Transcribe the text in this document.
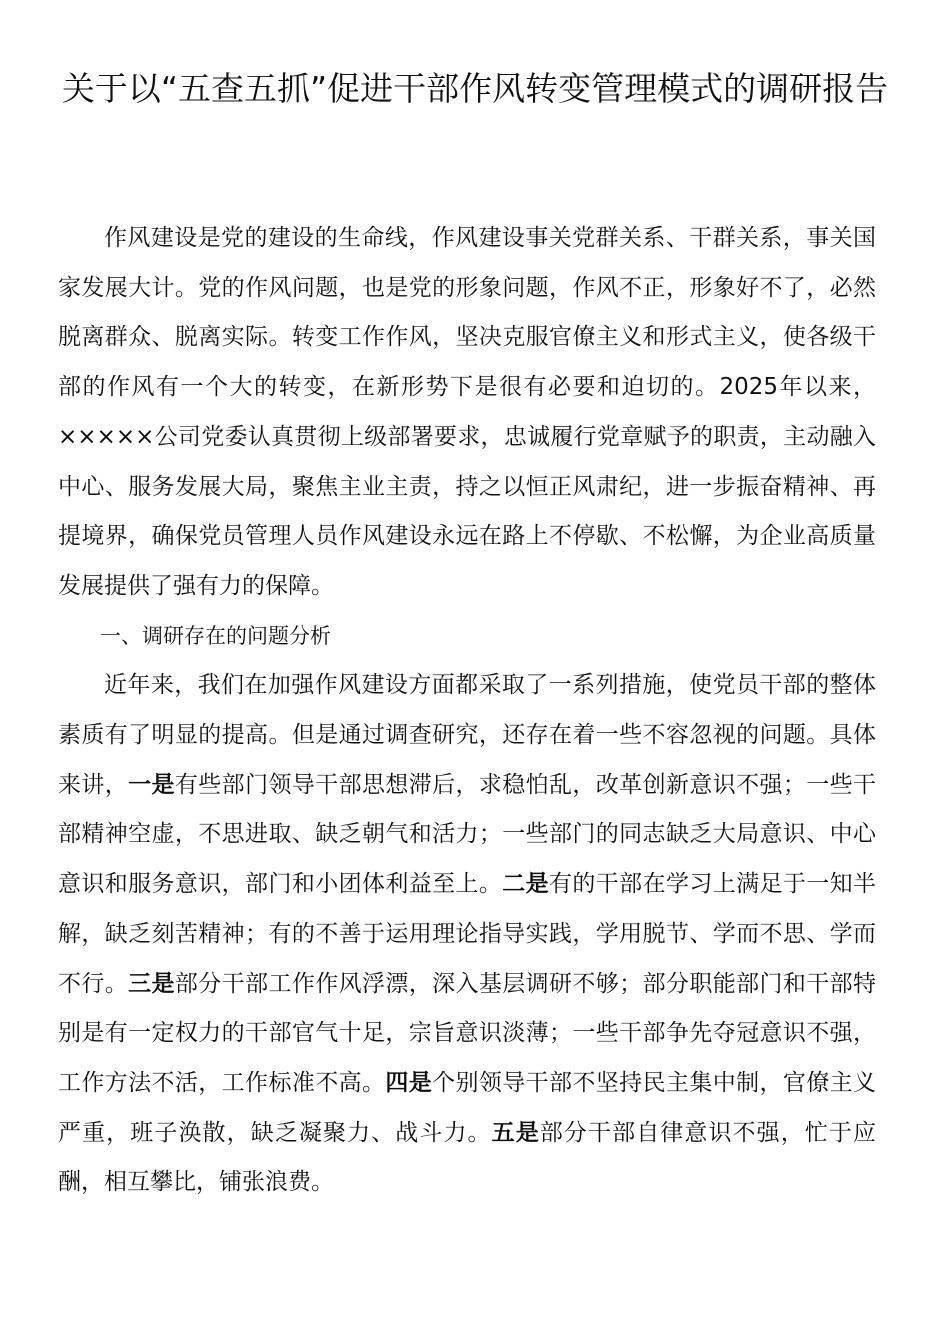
关于以“五查五抓”促进干部作风转变管理模式的调研报告

作风建设是党的建设的生命线，作风建设事关党群关系、干群关系，事关国家发展大计。党的作风问题，也是党的形象问题，作风不正，形象好不了，必然脱离群众、脱离实际。转变工作作风，坚决克服官僚主义和形式主义，使各级干部的作风有一个大的转变，在新形势下是很有必要和迫切的。2025年以来，×××××公司党委认真贯彻上级部署要求，忠诚履行党章赋予的职责，主动融入中心、服务发展大局，聚焦主业主责，持之以恒正风肃纪，进一步振奋精神、再提境界，确保党员管理人员作风建设永远在路上不停歇、不松懈，为企业高质量发展提供了强有力的保障。

一、调研存在的问题分析

近年来，我们在加强作风建设方面都采取了一系列措施，使党员干部的整体素质有了明显的提高。但是通过调查研究，还存在着一些不容忽视的问题。具体来讲，一是有些部门领导干部思想滞后，求稳怕乱，改革创新意识不强；一些干部精神空虚，不思进取、缺乏朝气和活力；一些部门的同志缺乏大局意识、中心意识和服务意识，部门和小团体利益至上。二是有的干部在学习上满足于一知半解，缺乏刻苦精神；有的不善于运用理论指导实践，学用脱节、学而不思、学而不行。三是部分干部工作作风浮漂，深入基层调研不够；部分职能部门和干部特别是有一定权力的干部官气十足，宗旨意识淡薄；一些干部争先夺冠意识不强，工作方法不活，工作标准不高。四是个别领导干部不坚持民主集中制，官僚主义严重，班子涣散，缺乏凝聚力、战斗力。五是部分干部自律意识不强，忙于应酬，相互攀比，铺张浪费。
